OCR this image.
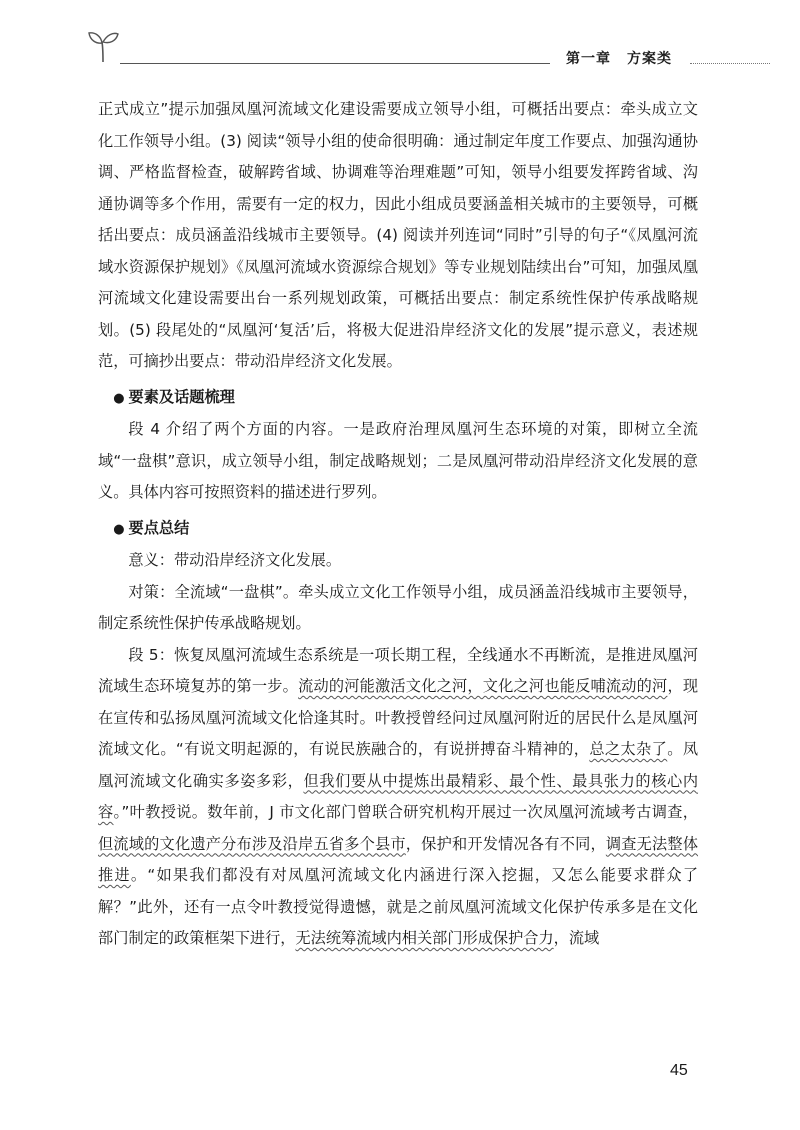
第一章 方案类

正式成立”提示加强凤凰河流域文化建设需要成立领导小组，可概括出要点：牵头成立文化工作领导小组。(3) 阅读“领导小组的使命很明确：通过制定年度工作要点、加强沟通协调、严格监督检查，破解跨省域、协调难等治理难题”可知，领导小组要发挥跨省域、沟通协调等多个作用，需要有一定的权力，因此小组成员要涵盖相关城市的主要领导，可概括出要点：成员涵盖沿线城市主要领导。(4) 阅读并列连词“同时”引导的句子“《凤凰河流域水资源保护规划》《凤凰河流域水资源综合规划》等专业规划陆续出台”可知，加强凤凰河流域文化建设需要出台一系列规划政策，可概括出要点：制定系统性保护传承战略规划。(5) 段尾处的“凤凰河‘复活’后，将极大促进沿岸经济文化的发展”提示意义，表述规范，可摘抄出要点：带动沿岸经济文化发展。

● 要素及话题梳理

段 4 介绍了两个方面的内容。一是政府治理凤凰河生态环境的对策，即树立全流域“一盘棋”意识，成立领导小组，制定战略规划；二是凤凰河带动沿岸经济文化发展的意义。具体内容可按照资料的描述进行罗列。

● 要点总结

意义：带动沿岸经济文化发展。

对策：全流域“一盘棋”。牵头成立文化工作领导小组，成员涵盖沿线城市主要领导，制定系统性保护传承战略规划。

段 5：恢复凤凰河流域生态系统是一项长期工程，全线通水不再断流，是推进凤凰河流域生态环境复苏的第一步。流动的河能激活文化之河，文化之河也能反哺流动的河，现在宣传和弘扬凤凰河流域文化恰逢其时。叶教授曾经问过凤凰河附近的居民什么是凤凰河流域文化。“有说文明起源的，有说民族融合的，有说拼搏奋斗精神的，总之太杂了。凤凰河流域文化确实多姿多彩，但我们要从中提炼出最精彩、最个性、最具张力的核心内容。”叶教授说。数年前，J 市文化部门曾联合研究机构开展过一次凤凰河流域考古调查，但流域的文化遗产分布涉及沿岸五省多个县市，保护和开发情况各有不同，调查无法整体推进。“如果我们都没有对凤凰河流域文化内涵进行深入挖掘，又怎么能要求群众了解？”此外，还有一点令叶教授觉得遗憾，就是之前凤凰河流域文化保护传承多是在文化部门制定的政策框架下进行，无法统筹流域内相关部门形成保护合力，流域

45
